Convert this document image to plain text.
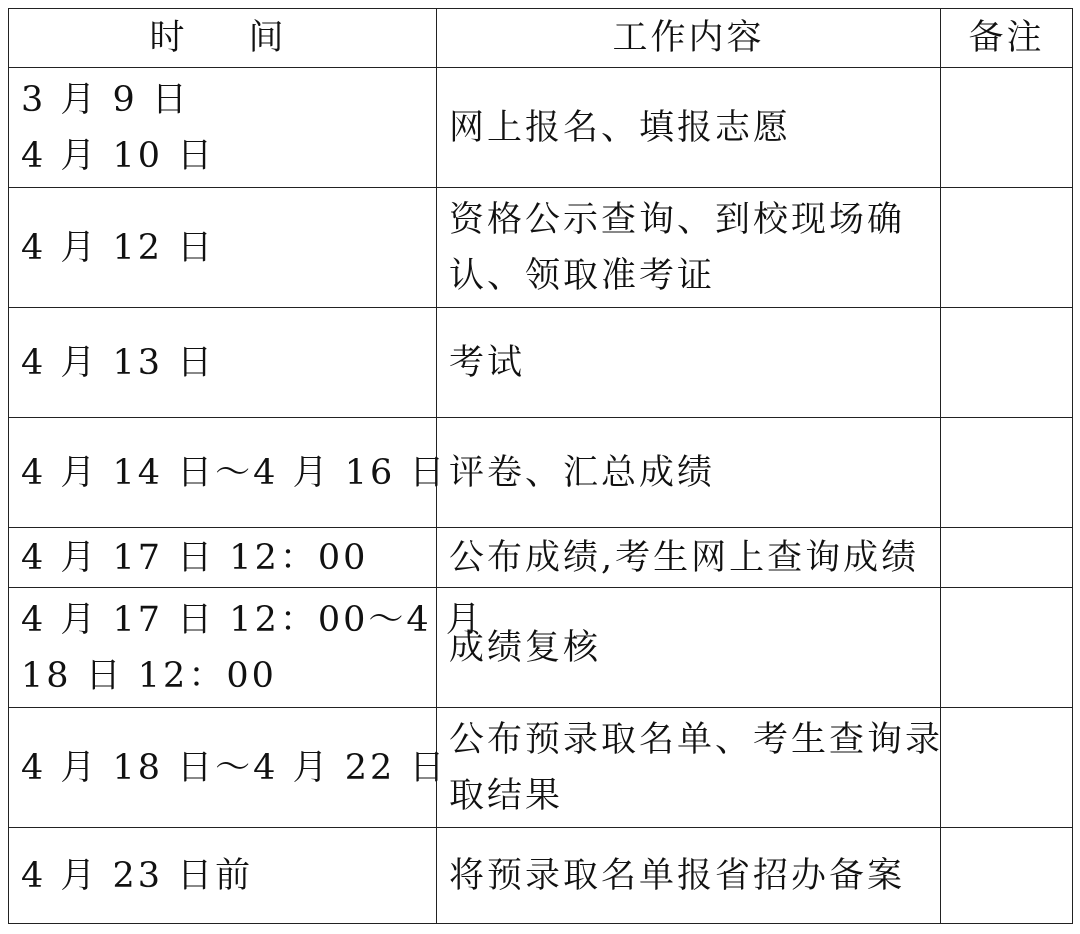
时间	工作内容	备注

3 月 9 日
4 月 10 日	网上报名、填报志愿	

4 月 12 日	资格公示查询、到校现场确
认、领取准考证	

4 月 13 日	考试	

4 月 14 日～4 月 16 日	评卷、汇总成绩	

4 月 17 日 12：00	公布成绩,考生网上查询成绩	

4 月 17 日 12：00～4 月
18 日 12：00	成绩复核	

4 月 18 日～4 月 22 日	公布预录取名单、考生查询录
取结果	

4 月 23 日前	将预录取名单报省招办备案	
